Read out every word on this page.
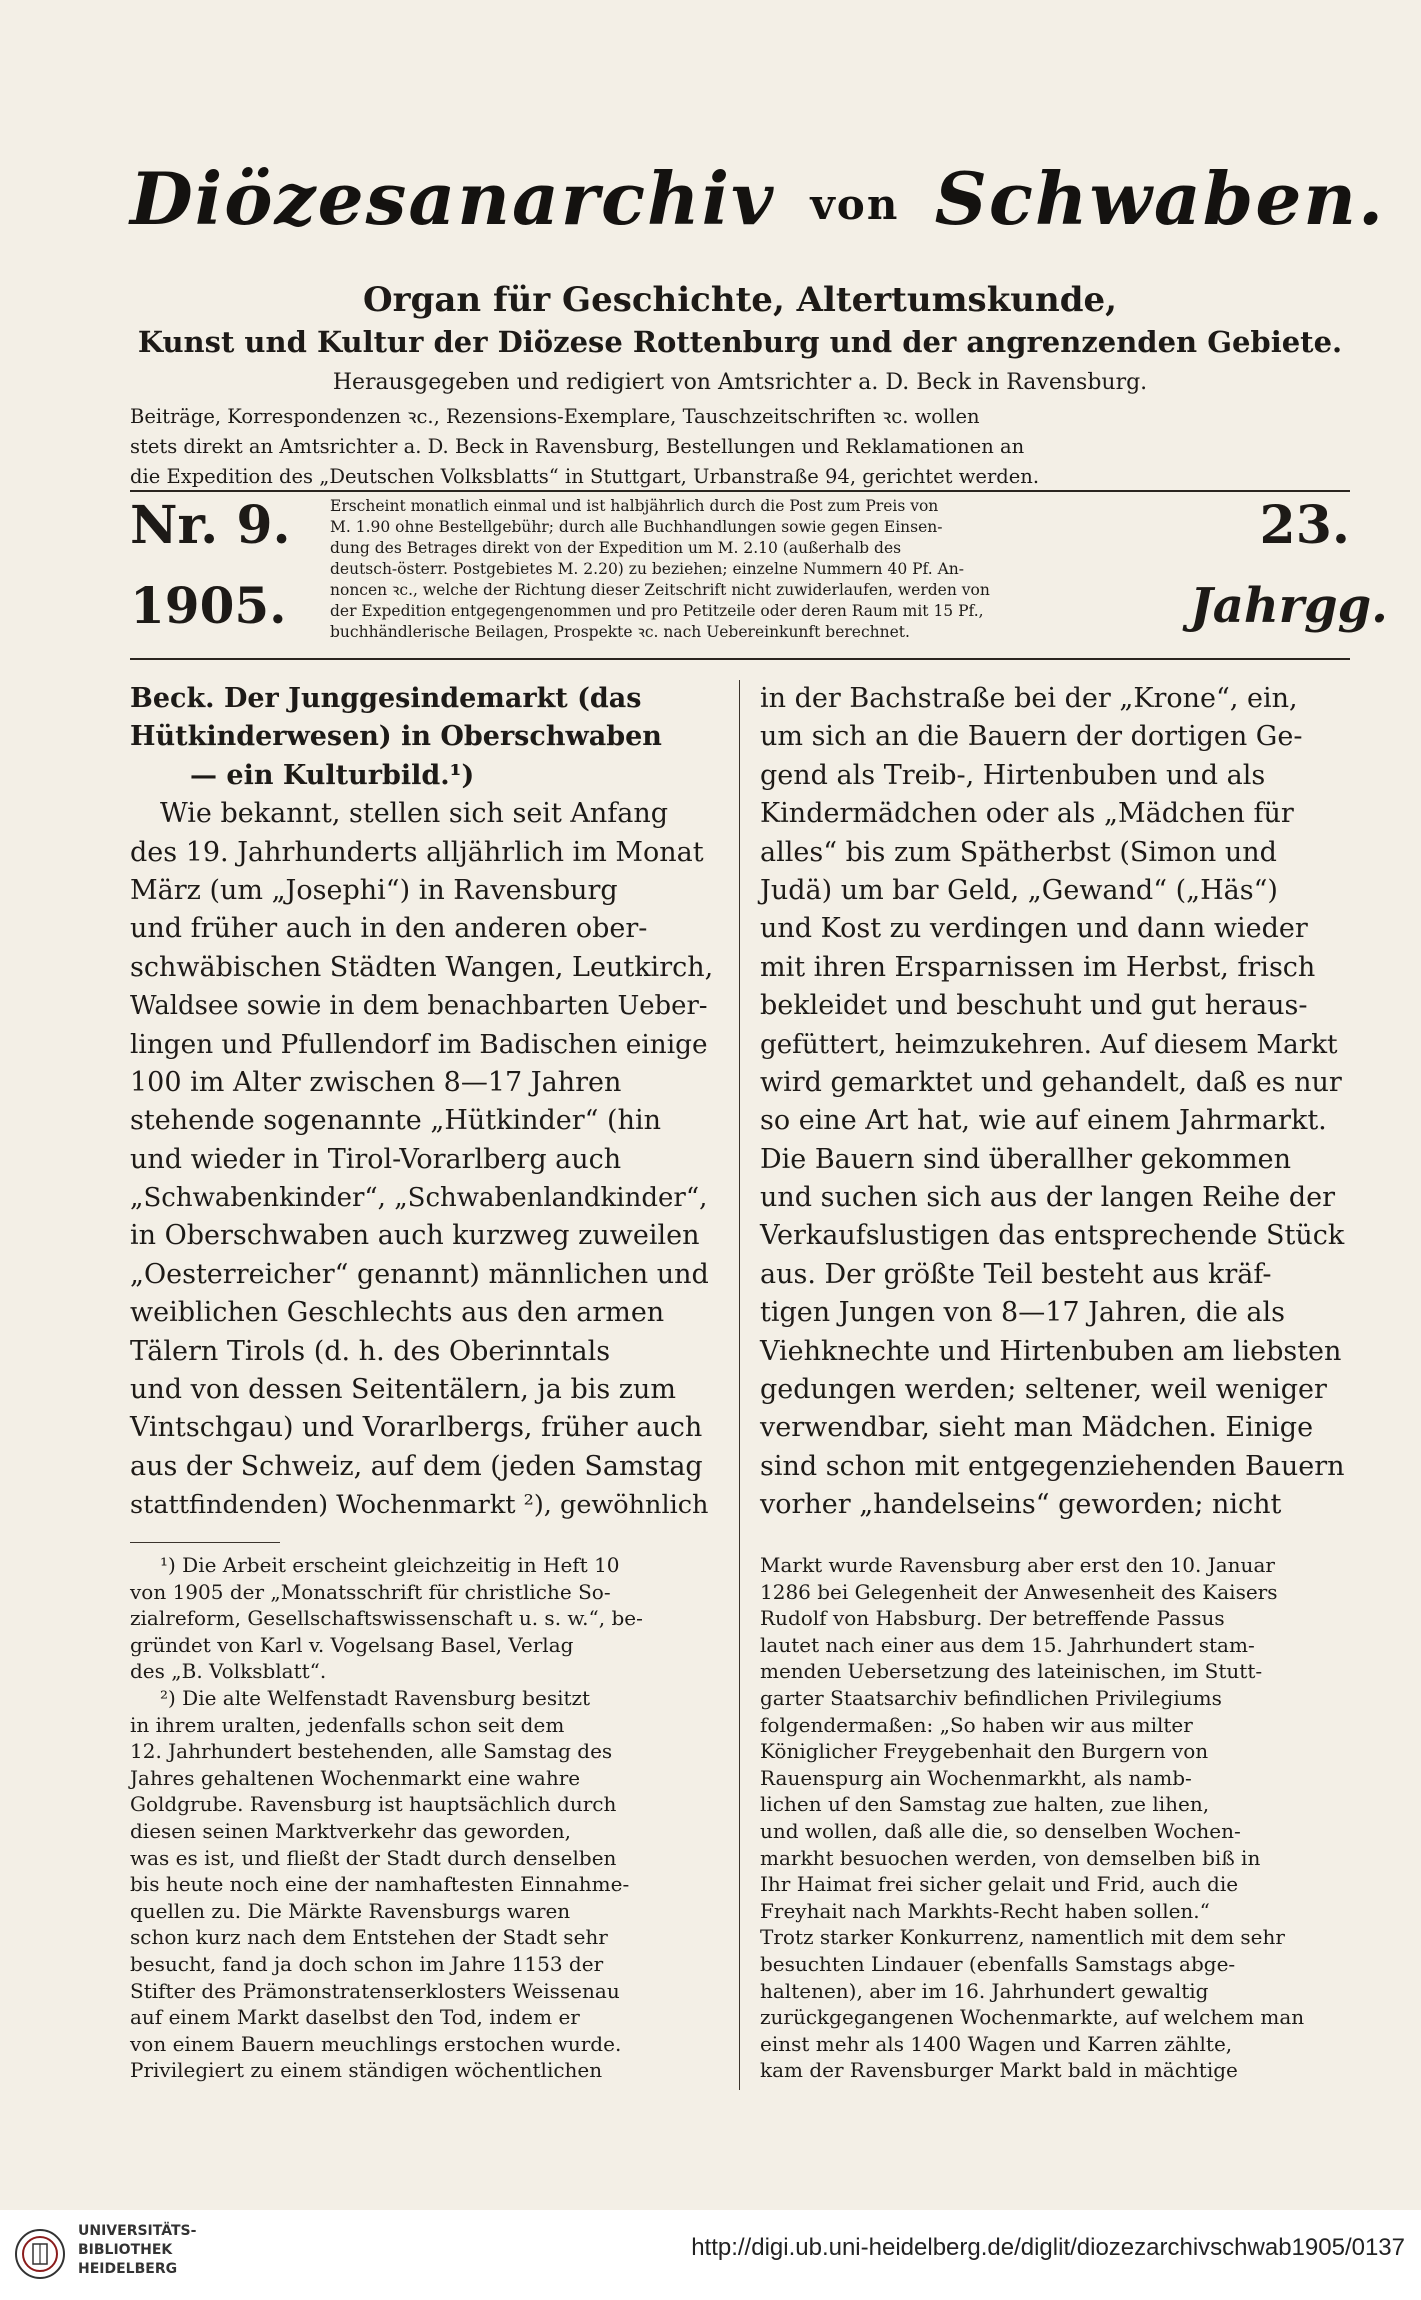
Diözesanarchiv von Schwaben.
Organ für Geschichte, Altertumskunde,
Kunst und Kultur der Diözese Rottenburg und der angrenzenden Gebiete.
Herausgegeben und redigiert von Amtsrichter a. D. Beck in Ravensburg.
Beiträge, Korrespondenzen ꝛc., Rezensions-Exemplare, Tauschzeitschriften ꝛc. wollen
stets direkt an Amtsrichter a. D. Beck in Ravensburg, Bestellungen und Reklamationen an
die Expedition des „Deutschen Volksblatts“ in Stuttgart, Urbanstraße 94, gerichtet werden.
Nr. 9.
1905.
Erscheint monatlich einmal und ist halbjährlich durch die Post zum Preis von
M. 1.90 ohne Bestellgebühr; durch alle Buchhandlungen sowie gegen Einsen-
dung des Betrages direkt von der Expedition um M. 2.10 (außerhalb des
deutsch-österr. Postgebietes M. 2.20) zu beziehen; einzelne Nummern 40 Pf. An-
noncen ꝛc., welche der Richtung dieser Zeitschrift nicht zuwiderlaufen, werden von
der Expedition entgegengenommen und pro Petitzeile oder deren Raum mit 15 Pf.,
buchhändlerische Beilagen, Prospekte ꝛc. nach Uebereinkunft berechnet.
23.
Jahrgg.
Beck. Der Junggesindemarkt (das
Hütkinderwesen) in Oberschwaben
— ein Kulturbild.¹)
Wie bekannt, stellen sich seit Anfang
des 19. Jahrhunderts alljährlich im Monat
März (um „Josephi“) in Ravensburg
und früher auch in den anderen ober-
schwäbischen Städten Wangen, Leutkirch,
Waldsee sowie in dem benachbarten Ueber-
lingen und Pfullendorf im Badischen einige
100 im Alter zwischen 8—17 Jahren
stehende sogenannte „Hütkinder“ (hin
und wieder in Tirol-Vorarlberg auch
„Schwabenkinder“, „Schwabenlandkinder“,
in Oberschwaben auch kurzweg zuweilen
„Oesterreicher“ genannt) männlichen und
weiblichen Geschlechts aus den armen
Tälern Tirols (d. h. des Oberinntals
und von dessen Seitentälern, ja bis zum
Vintschgau) und Vorarlbergs, früher auch
aus der Schweiz, auf dem (jeden Samstag
stattfindenden) Wochenmarkt ²), gewöhnlich
in der Bachstraße bei der „Krone“, ein,
um sich an die Bauern der dortigen Ge-
gend als Treib-, Hirtenbuben und als
Kindermädchen oder als „Mädchen für
alles“ bis zum Spätherbst (Simon und
Judä) um bar Geld, „Gewand“ („Häs“)
und Kost zu verdingen und dann wieder
mit ihren Ersparnissen im Herbst, frisch
bekleidet und beschuht und gut heraus-
gefüttert, heimzukehren. Auf diesem Markt
wird gemarktet und gehandelt, daß es nur
so eine Art hat, wie auf einem Jahrmarkt.
Die Bauern sind überallher gekommen
und suchen sich aus der langen Reihe der
Verkaufslustigen das entsprechende Stück
aus. Der größte Teil besteht aus kräf-
tigen Jungen von 8—17 Jahren, die als
Viehknechte und Hirtenbuben am liebsten
gedungen werden; seltener, weil weniger
verwendbar, sieht man Mädchen. Einige
sind schon mit entgegenziehenden Bauern
vorher „handelseins“ geworden; nicht
¹) Die Arbeit erscheint gleichzeitig in Heft 10
von 1905 der „Monatsschrift für christliche So-
zialreform, Gesellschaftswissenschaft u. s. w.“, be-
gründet von Karl v. Vogelsang Basel, Verlag
des „B. Volksblatt“.
²) Die alte Welfenstadt Ravensburg besitzt
in ihrem uralten, jedenfalls schon seit dem
12. Jahrhundert bestehenden, alle Samstag des
Jahres gehaltenen Wochenmarkt eine wahre
Goldgrube. Ravensburg ist hauptsächlich durch
diesen seinen Marktverkehr das geworden,
was es ist, und fließt der Stadt durch denselben
bis heute noch eine der namhaftesten Einnahme-
quellen zu. Die Märkte Ravensburgs waren
schon kurz nach dem Entstehen der Stadt sehr
besucht, fand ja doch schon im Jahre 1153 der
Stifter des Prämonstratenserklosters Weissenau
auf einem Markt daselbst den Tod, indem er
von einem Bauern meuchlings erstochen wurde.
Privilegiert zu einem ständigen wöchentlichen
Markt wurde Ravensburg aber erst den 10. Januar
1286 bei Gelegenheit der Anwesenheit des Kaisers
Rudolf von Habsburg. Der betreffende Passus
lautet nach einer aus dem 15. Jahrhundert stam-
menden Uebersetzung des lateinischen, im Stutt-
garter Staatsarchiv befindlichen Privilegiums
folgendermaßen: „So haben wir aus milter
Königlicher Freygebenhait den Burgern von
Rauenspurg ain Wochenmarkht, als namb-
lichen uf den Samstag zue halten, zue lihen,
und wollen, daß alle die, so denselben Wochen-
markht besuochen werden, von demselben biß in
Ihr Haimat frei sicher gelait und Frid, auch die
Freyhait nach Markhts-Recht haben sollen.“
Trotz starker Konkurrenz, namentlich mit dem sehr
besuchten Lindauer (ebenfalls Samstags abge-
haltenen), aber im 16. Jahrhundert gewaltig
zurückgegangenen Wochenmarkte, auf welchem man
einst mehr als 1400 Wagen und Karren zählte,
kam der Ravensburger Markt bald in mächtige
UNIVERSITÄTS-
BIBLIOTHEK
HEIDELBERG
http://digi.ub.uni-heidelberg.de/diglit/diozezarchivschwab1905/0137
